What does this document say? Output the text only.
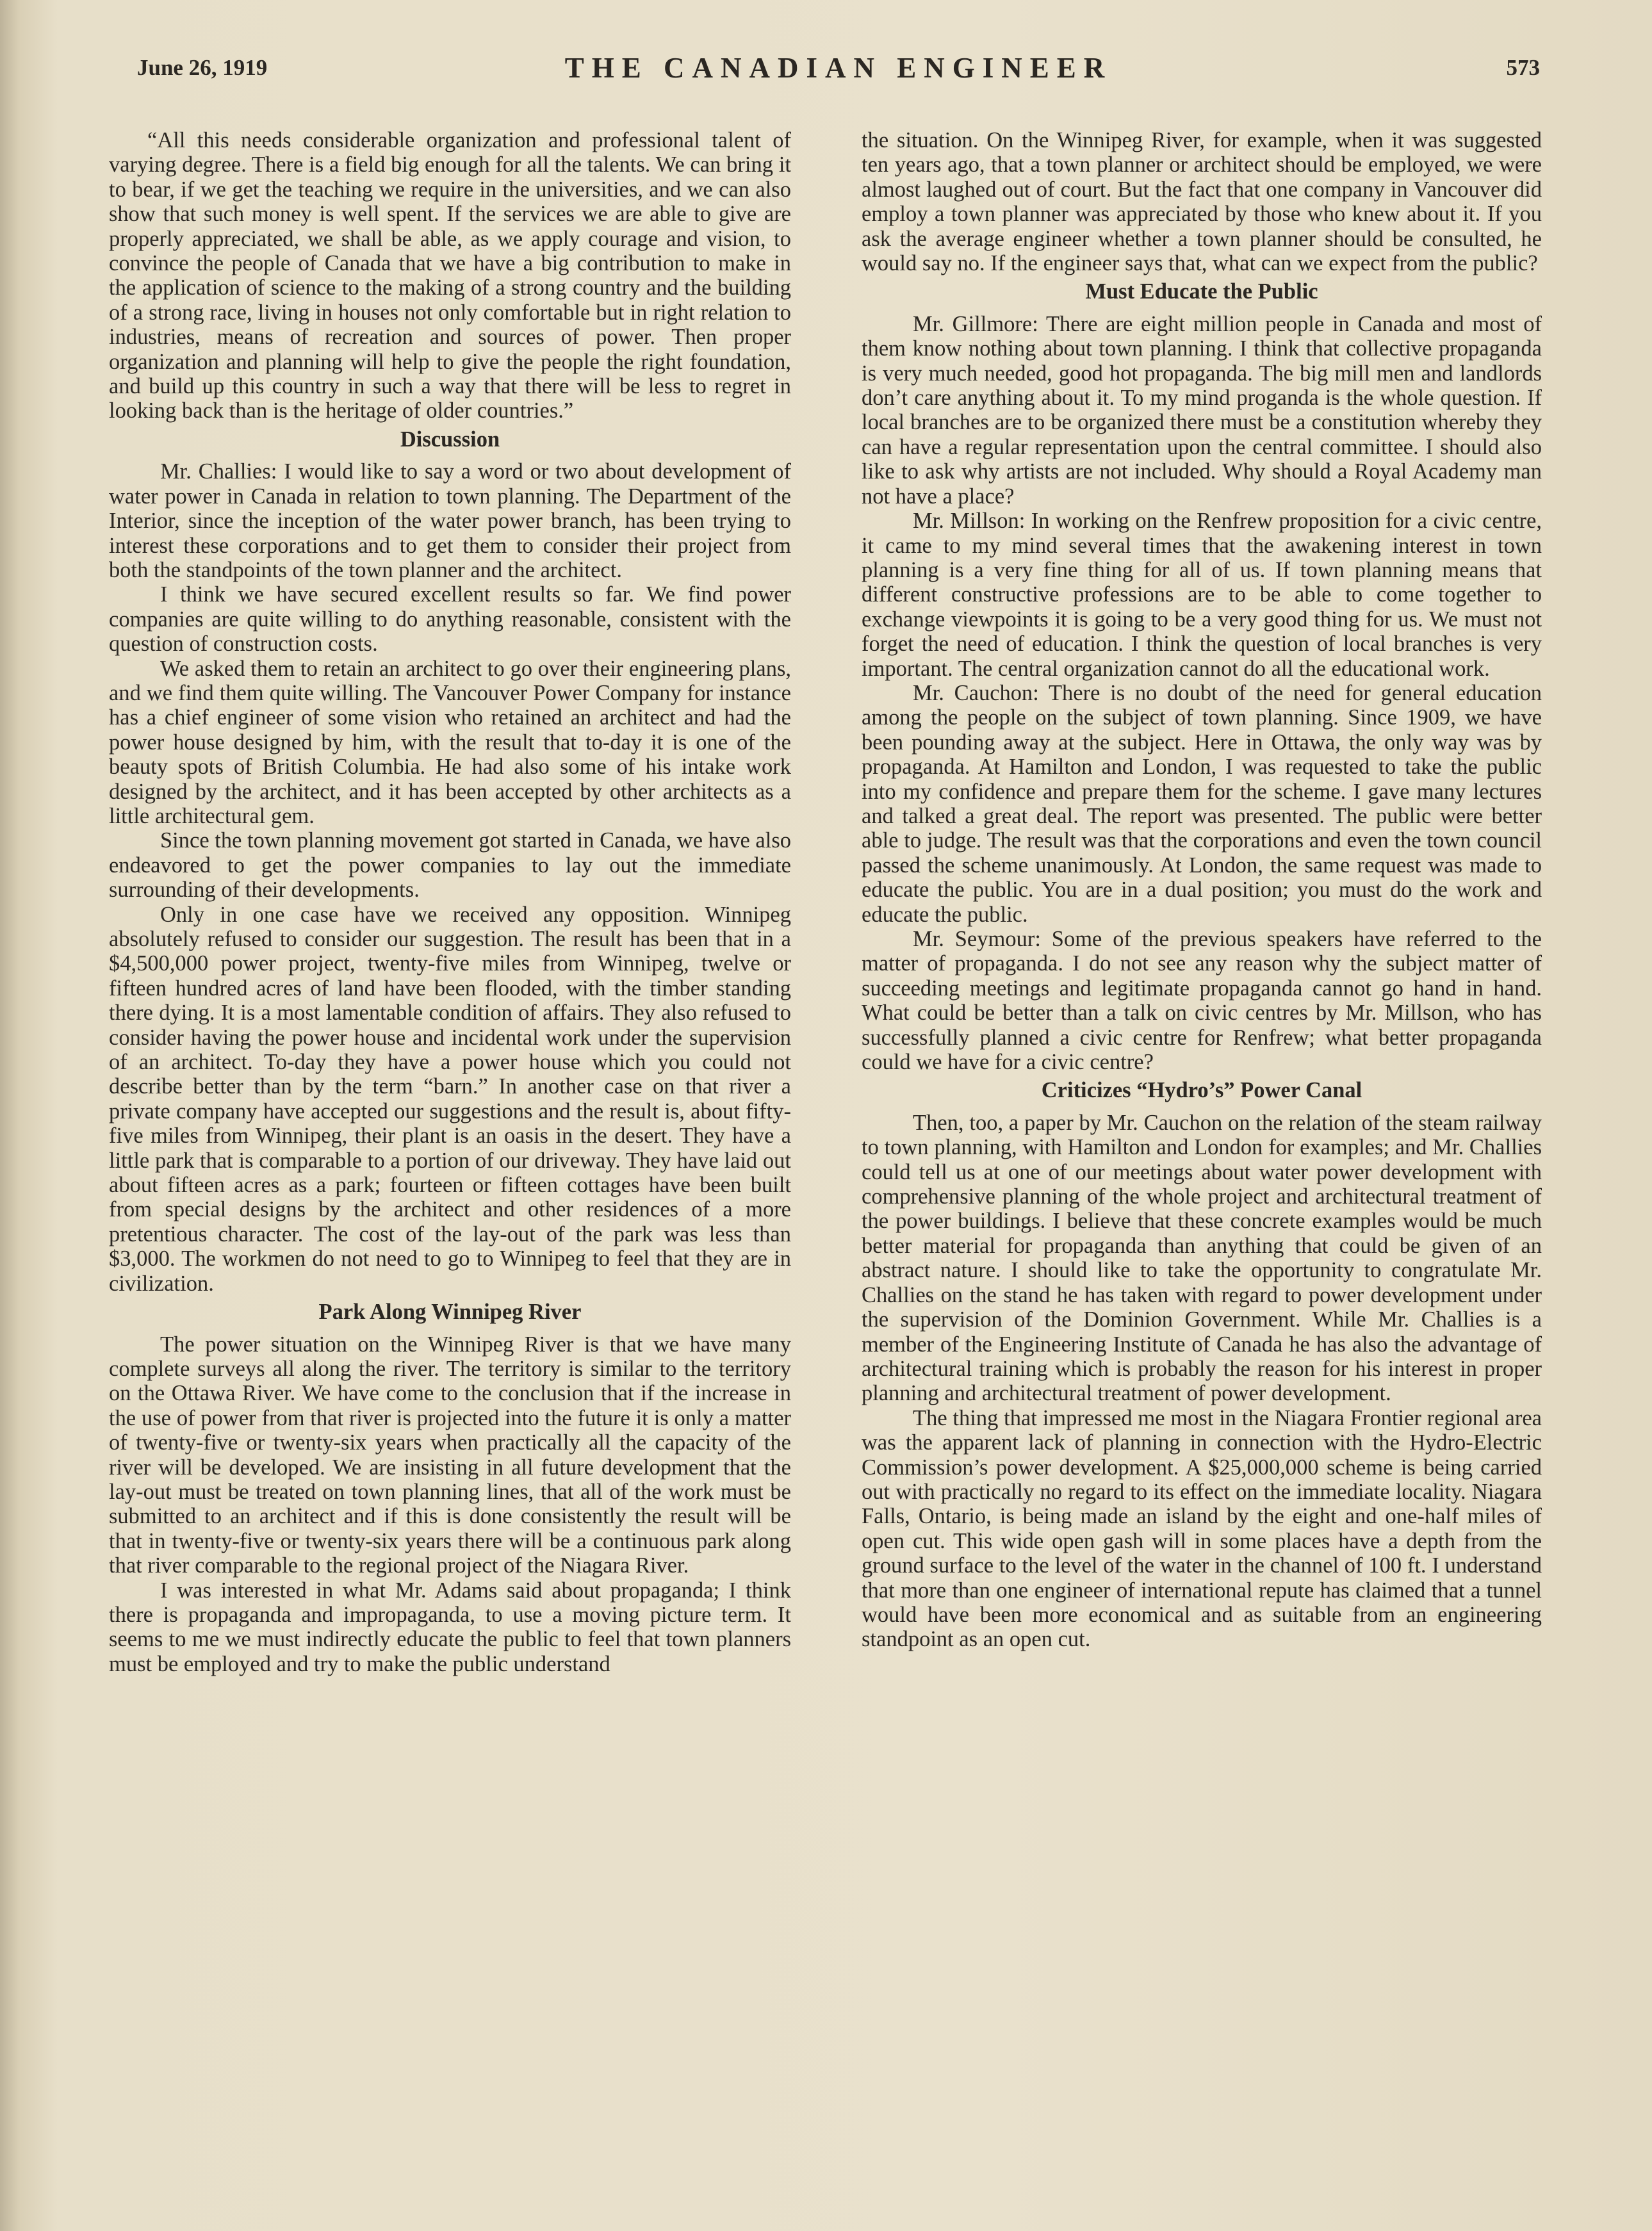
June 26, 1919	THE CANADIAN ENGINEER	573

“All this needs considerable organization and professional talent of varying degree. There is a field big enough for all the talents. We can bring it to bear, if we get the teaching we require in the universities, and we can also show that such money is well spent. If the services we are able to give are properly appreciated, we shall be able, as we apply courage and vision, to convince the people of Canada that we have a big contribution to make in the application of science to the making of a strong country and the building of a strong race, living in houses not only comfortable but in right relation to industries, means of recreation and sources of power. Then proper organization and planning will help to give the people the right foundation, and build up this country in such a way that there will be less to regret in looking back than is the heritage of older countries.”

Discussion

Mr. Challies: I would like to say a word or two about development of water power in Canada in relation to town planning. The Department of the Interior, since the inception of the water power branch, has been trying to interest these corporations and to get them to consider their project from both the standpoints of the town planner and the architect.

I think we have secured excellent results so far. We find power companies are quite willing to do anything reasonable, consistent with the question of construction costs.

We asked them to retain an architect to go over their engineering plans, and we find them quite willing. The Vancouver Power Company for instance has a chief engineer of some vision who retained an architect and had the power house designed by him, with the result that to-day it is one of the beauty spots of British Columbia. He had also some of his intake work designed by the architect, and it has been accepted by other architects as a little architectural gem.

Since the town planning movement got started in Canada, we have also endeavored to get the power companies to lay out the immediate surrounding of their developments.

Only in one case have we received any opposition. Winnipeg absolutely refused to consider our suggestion. The result has been that in a $4,500,000 power project, twenty-five miles from Winnipeg, twelve or fifteen hundred acres of land have been flooded, with the timber standing there dying. It is a most lamentable condition of affairs. They also refused to consider having the power house and incidental work under the supervision of an architect. To-day they have a power house which you could not describe better than by the term “barn.” In another case on that river a private company have accepted our suggestions and the result is, about fifty-five miles from Winnipeg, their plant is an oasis in the desert. They have a little park that is comparable to a portion of our driveway. They have laid out about fifteen acres as a park; fourteen or fifteen cottages have been built from special designs by the architect and other residences of a more pretentious character. The cost of the lay-out of the park was less than $3,000. The workmen do not need to go to Winnipeg to feel that they are in civilization.

Park Along Winnipeg River

The power situation on the Winnipeg River is that we have many complete surveys all along the river. The territory is similar to the territory on the Ottawa River. We have come to the conclusion that if the increase in the use of power from that river is projected into the future it is only a matter of twenty-five or twenty-six years when practically all the capacity of the river will be developed. We are insisting in all future development that the lay-out must be treated on town planning lines, that all of the work must be submitted to an architect and if this is done consistently the result will be that in twenty-five or twenty-six years there will be a continuous park along that river comparable to the regional project of the Niagara River.

I was interested in what Mr. Adams said about propaganda; I think there is propaganda and impropaganda, to use a moving picture term. It seems to me we must indirectly educate the public to feel that town planners must be employed and try to make the public understand

the situation. On the Winnipeg River, for example, when it was suggested ten years ago, that a town planner or architect should be employed, we were almost laughed out of court. But the fact that one company in Vancouver did employ a town planner was appreciated by those who knew about it. If you ask the average engineer whether a town planner should be consulted, he would say no. If the engineer says that, what can we expect from the public?

Must Educate the Public

Mr. Gillmore: There are eight million people in Canada and most of them know nothing about town planning. I think that collective propaganda is very much needed, good hot propaganda. The big mill men and landlords don’t care anything about it. To my mind proganda is the whole question. If local branches are to be organized there must be a constitution whereby they can have a regular representation upon the central committee. I should also like to ask why artists are not included. Why should a Royal Academy man not have a place?

Mr. Millson: In working on the Renfrew proposition for a civic centre, it came to my mind several times that the awakening interest in town planning is a very fine thing for all of us. If town planning means that different constructive professions are to be able to come together to exchange viewpoints it is going to be a very good thing for us. We must not forget the need of education. I think the question of local branches is very important. The central organization cannot do all the educational work.

Mr. Cauchon: There is no doubt of the need for general education among the people on the subject of town planning. Since 1909, we have been pounding away at the subject. Here in Ottawa, the only way was by propaganda. At Hamilton and London, I was requested to take the public into my confidence and prepare them for the scheme. I gave many lectures and talked a great deal. The report was presented. The public were better able to judge. The result was that the corporations and even the town council passed the scheme unanimously. At London, the same request was made to educate the public. You are in a dual position; you must do the work and educate the public.

Mr. Seymour: Some of the previous speakers have referred to the matter of propaganda. I do not see any reason why the subject matter of succeeding meetings and legitimate propaganda cannot go hand in hand. What could be better than a talk on civic centres by Mr. Millson, who has successfully planned a civic centre for Renfrew; what better propaganda could we have for a civic centre?

Criticizes “Hydro’s” Power Canal

Then, too, a paper by Mr. Cauchon on the relation of the steam railway to town planning, with Hamilton and London for examples; and Mr. Challies could tell us at one of our meetings about water power development with comprehensive planning of the whole project and architectural treatment of the power buildings. I believe that these concrete examples would be much better material for propaganda than anything that could be given of an abstract nature. I should like to take the opportunity to congratulate Mr. Challies on the stand he has taken with regard to power development under the supervision of the Dominion Government. While Mr. Challies is a member of the Engineering Institute of Canada he has also the advantage of architectural training which is probably the reason for his interest in proper planning and architectural treatment of power development.

The thing that impressed me most in the Niagara Frontier regional area was the apparent lack of planning in connection with the Hydro-Electric Commission’s power development. A $25,000,000 scheme is being carried out with practically no regard to its effect on the immediate locality. Niagara Falls, Ontario, is being made an island by the eight and one-half miles of open cut. This wide open gash will in some places have a depth from the ground surface to the level of the water in the channel of 100 ft. I understand that more than one engineer of international repute has claimed that a tunnel would have been more economical and as suitable from an engineering standpoint as an open cut.
